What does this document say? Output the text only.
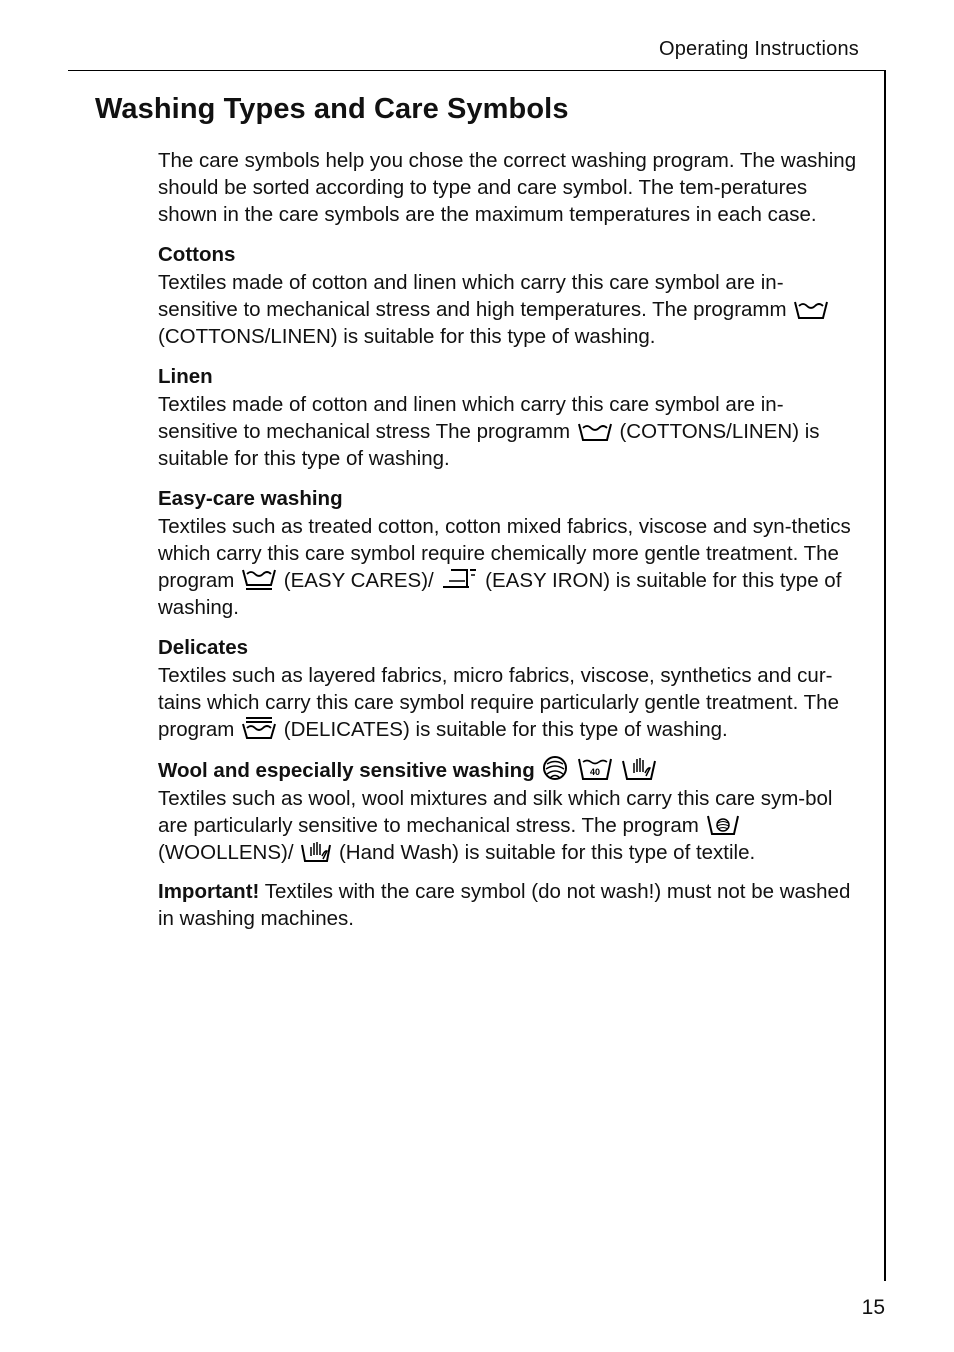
Operating Instructions
Washing Types and Care Symbols

The care symbols help you chose the correct washing program. The washing should be sorted according to type and care symbol. The tem-peratures shown in the care symbols are the maximum temperatures in each case.

Cottons

Textiles made of cotton and linen which carry this care symbol are in-sensitive to mechanical stress and high temperatures. The programm
(COTTONS/LINEN) is suitable for this type of washing.

Linen

Textiles made of cotton and linen which carry this care symbol are in-sensitive to mechanical stress The programm (COTTONS/LINEN) is suitable for this type of washing.

Easy-care washing

Textiles such as treated cotton, cotton mixed fabrics, viscose and syn-thetics which carry this care symbol require chemically more gentle treatment. The program (EASY CARES)/	(EASY IRON) is suitable for this type of washing.

Delicates

Textiles such as layered fabrics, micro fabrics, viscose, synthetics and cur-tains which carry this care symbol require particularly gentle treatment. The program (DELICATES) is suitable for this type of washing.

Wool and especially sensitive washing
	40

Textiles such as wool, wool mixtures and silk which carry this care sym-bol are particularly sensitive to mechanical stress. The program
(WOOLLENS)/ (Hand Wash) is suitable for this type of textile.

Important! Textiles with the care symbol (do not wash!) must not be washed in washing machines.

15
